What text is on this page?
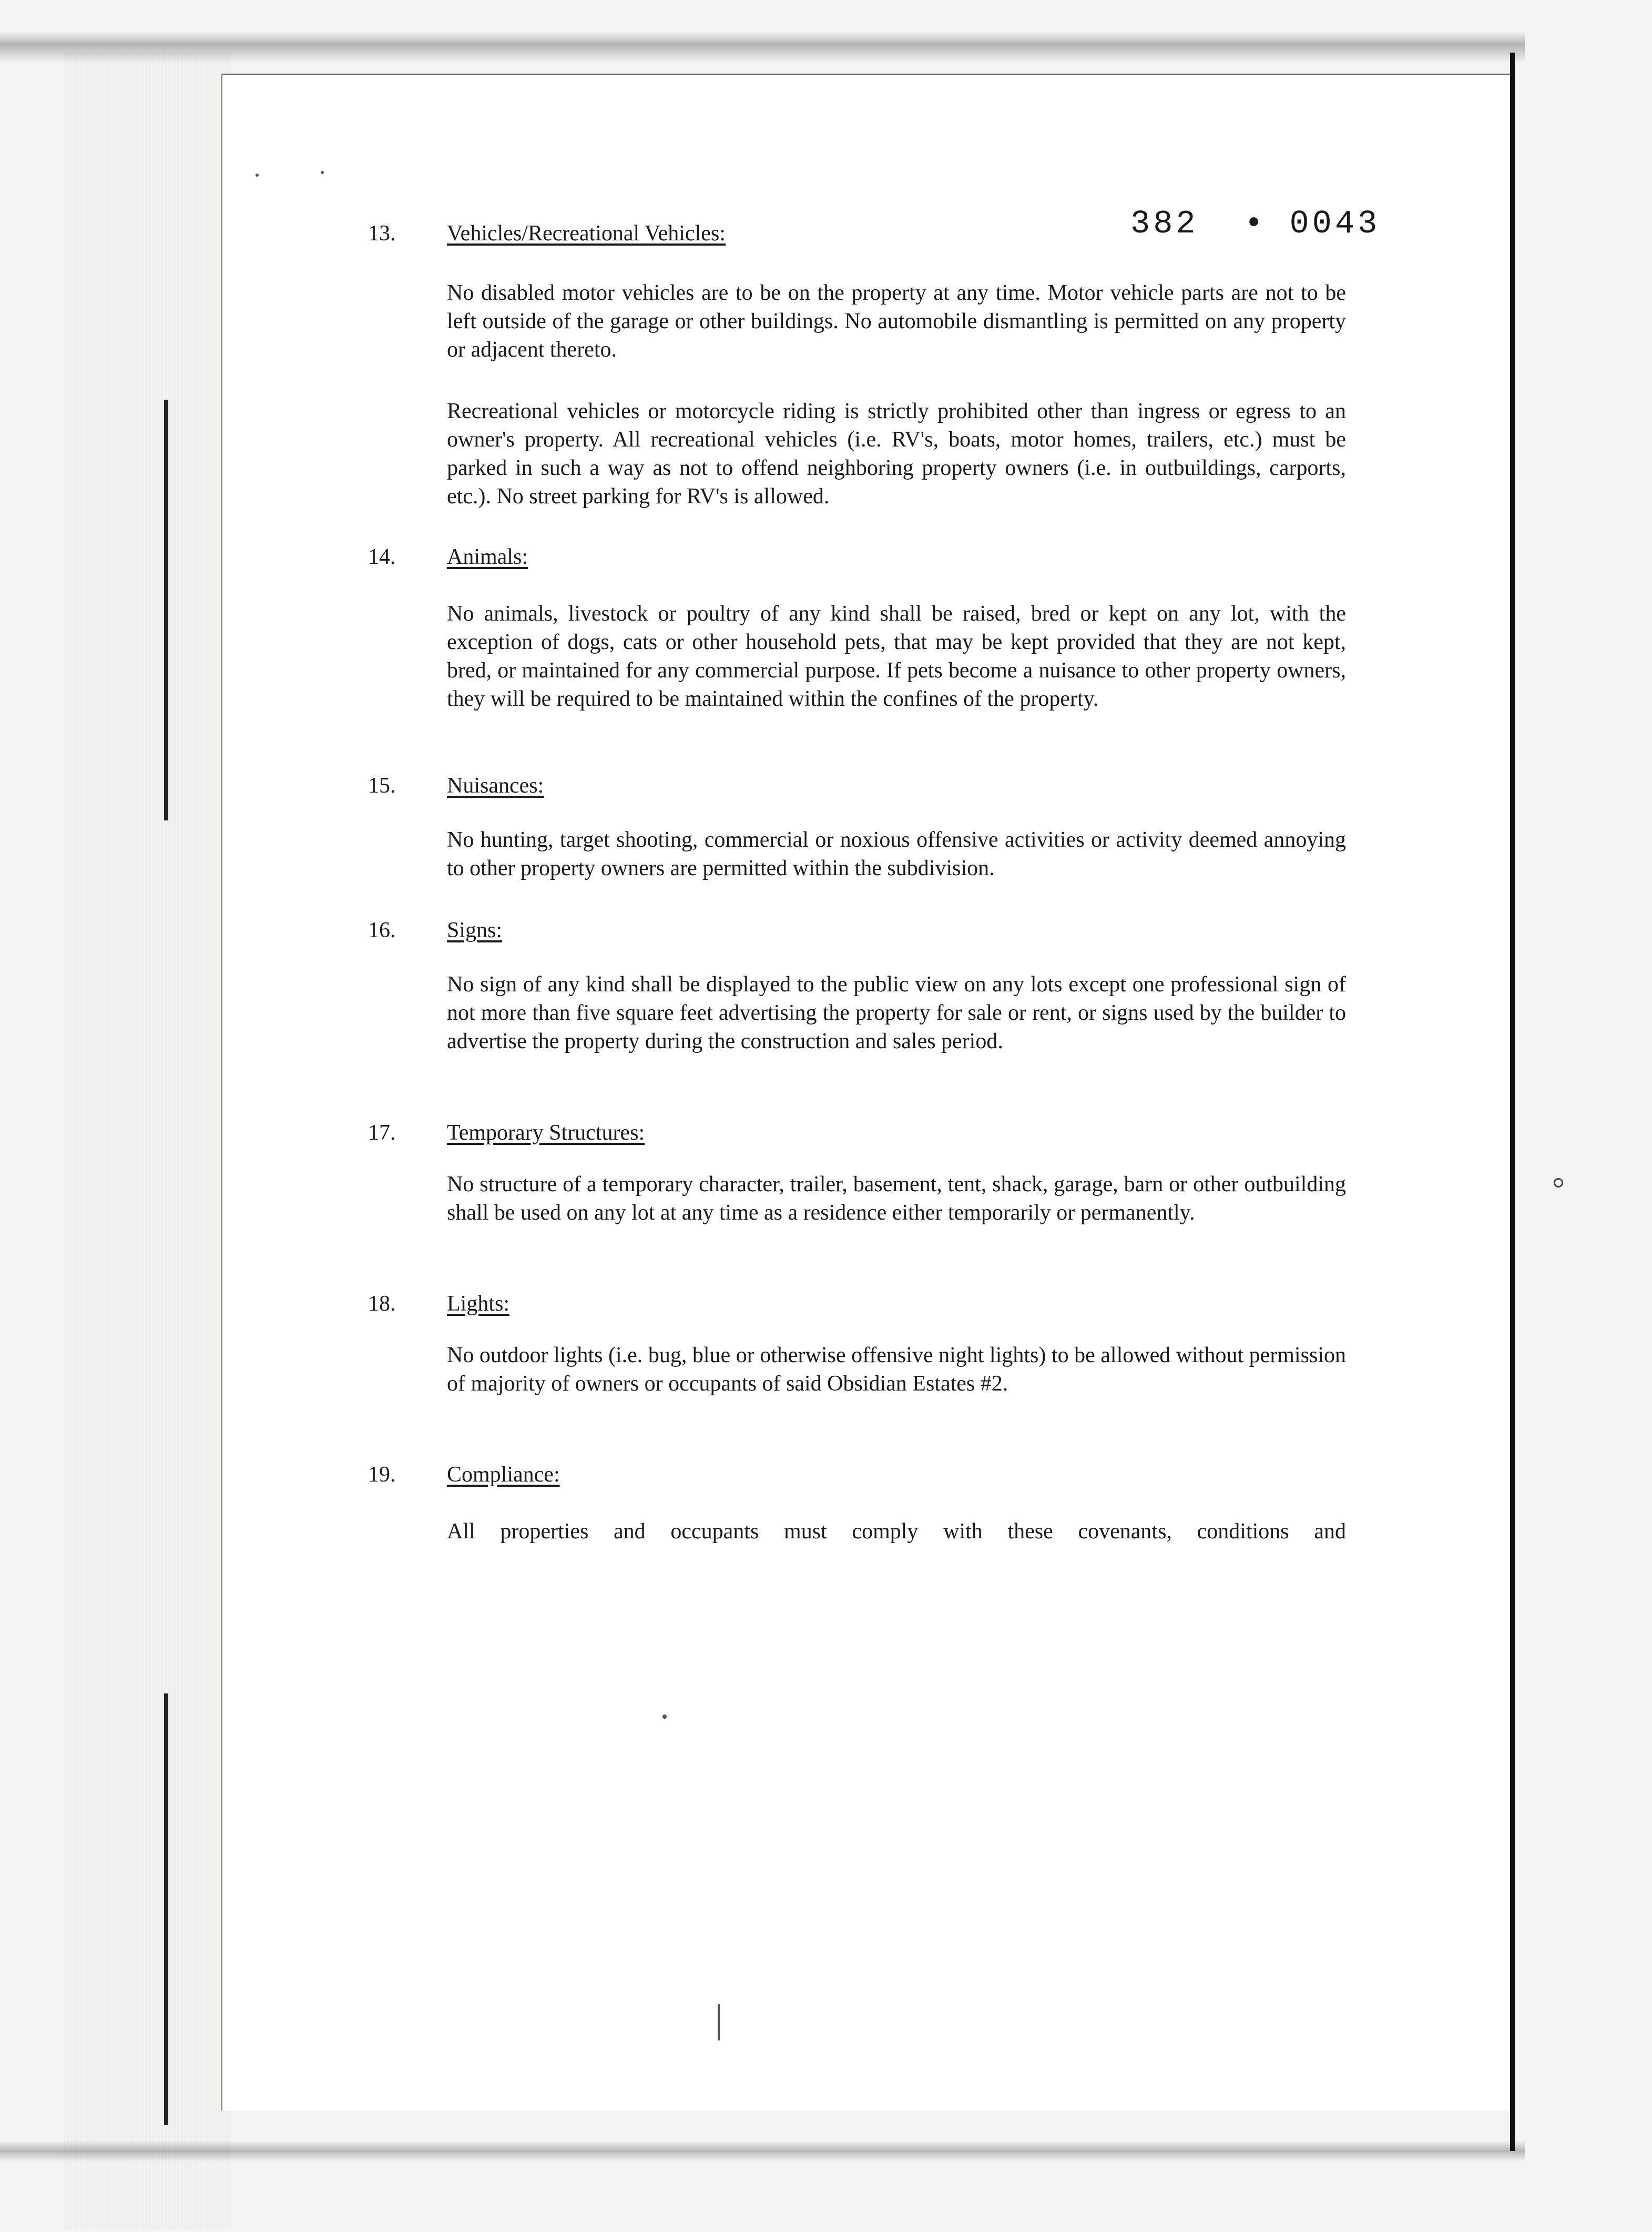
382  • 0043
13. Vehicles/Recreational Vehicles:
No disabled motor vehicles are to be on the property at any time. Motor vehicle parts are not to be left outside of the garage or other buildings. No automobile dismantling is permitted on any property or adjacent thereto.
Recreational vehicles or motorcycle riding is strictly prohibited other than ingress or egress to an owner's property. All recreational vehicles (i.e. RV's, boats, motor homes, trailers, etc.) must be parked in such a way as not to offend neighboring property owners (i.e. in outbuildings, carports, etc.). No street parking for RV's is allowed.
14. Animals:
No animals, livestock or poultry of any kind shall be raised, bred or kept on any lot, with the exception of dogs, cats or other household pets, that may be kept provided that they are not kept, bred, or maintained for any commercial purpose. If pets become a nuisance to other property owners, they will be required to be maintained within the confines of the property.
15. Nuisances:
No hunting, target shooting, commercial or noxious offensive activities or activity deemed annoying to other property owners are permitted within the subdivision.
16. Signs:
No sign of any kind shall be displayed to the public view on any lots except one professional sign of not more than five square feet advertising the property for sale or rent, or signs used by the builder to advertise the property during the construction and sales period.
17. Temporary Structures:
No structure of a temporary character, trailer, basement, tent, shack, garage, barn or other outbuilding shall be used on any lot at any time as a residence either temporarily or permanently.
18. Lights:
No outdoor lights (i.e. bug, blue or otherwise offensive night lights) to be allowed without permission of majority of owners or occupants of said Obsidian Estates #2.
19. Compliance:
All properties and occupants must comply with these covenants, conditions and
